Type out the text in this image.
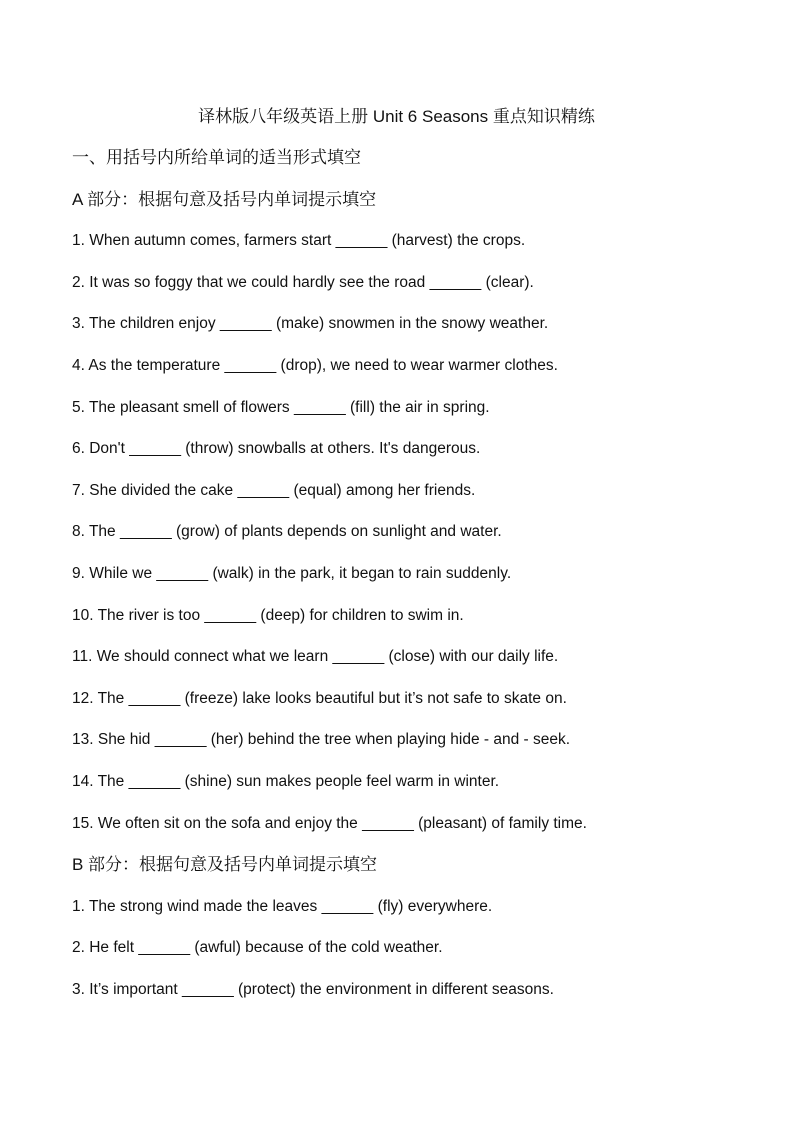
译林版八年级英语上册 Unit 6 Seasons 重点知识精练
一、用括号内所给单词的适当形式填空
A 部分：根据句意及括号内单词提示填空
1. When autumn comes, farmers start ______ (harvest) the crops.
2. It was so foggy that we could hardly see the road ______ (clear).
3. The children enjoy ______ (make) snowmen in the snowy weather.
4. As the temperature ______ (drop), we need to wear warmer clothes.
5. The pleasant smell of flowers ______ (fill) the air in spring.
6. Don't ______ (throw) snowballs at others. It's dangerous.
7. She divided the cake ______ (equal) among her friends.
8. The ______ (grow) of plants depends on sunlight and water.
9. While we ______ (walk) in the park, it began to rain suddenly.
10. The river is too ______ (deep) for children to swim in.
11. We should connect what we learn ______ (close) with our daily life.
12. The ______ (freeze) lake looks beautiful but it’s not safe to skate on.
13. She hid ______ (her) behind the tree when playing hide - and - seek.
14. The ______ (shine) sun makes people feel warm in winter.
15. We often sit on the sofa and enjoy the ______ (pleasant) of family time.
B 部分：根据句意及括号内单词提示填空
1. The strong wind made the leaves ______ (fly) everywhere.
2. He felt ______ (awful) because of the cold weather.
3. It’s important ______ (protect) the environment in different seasons.
